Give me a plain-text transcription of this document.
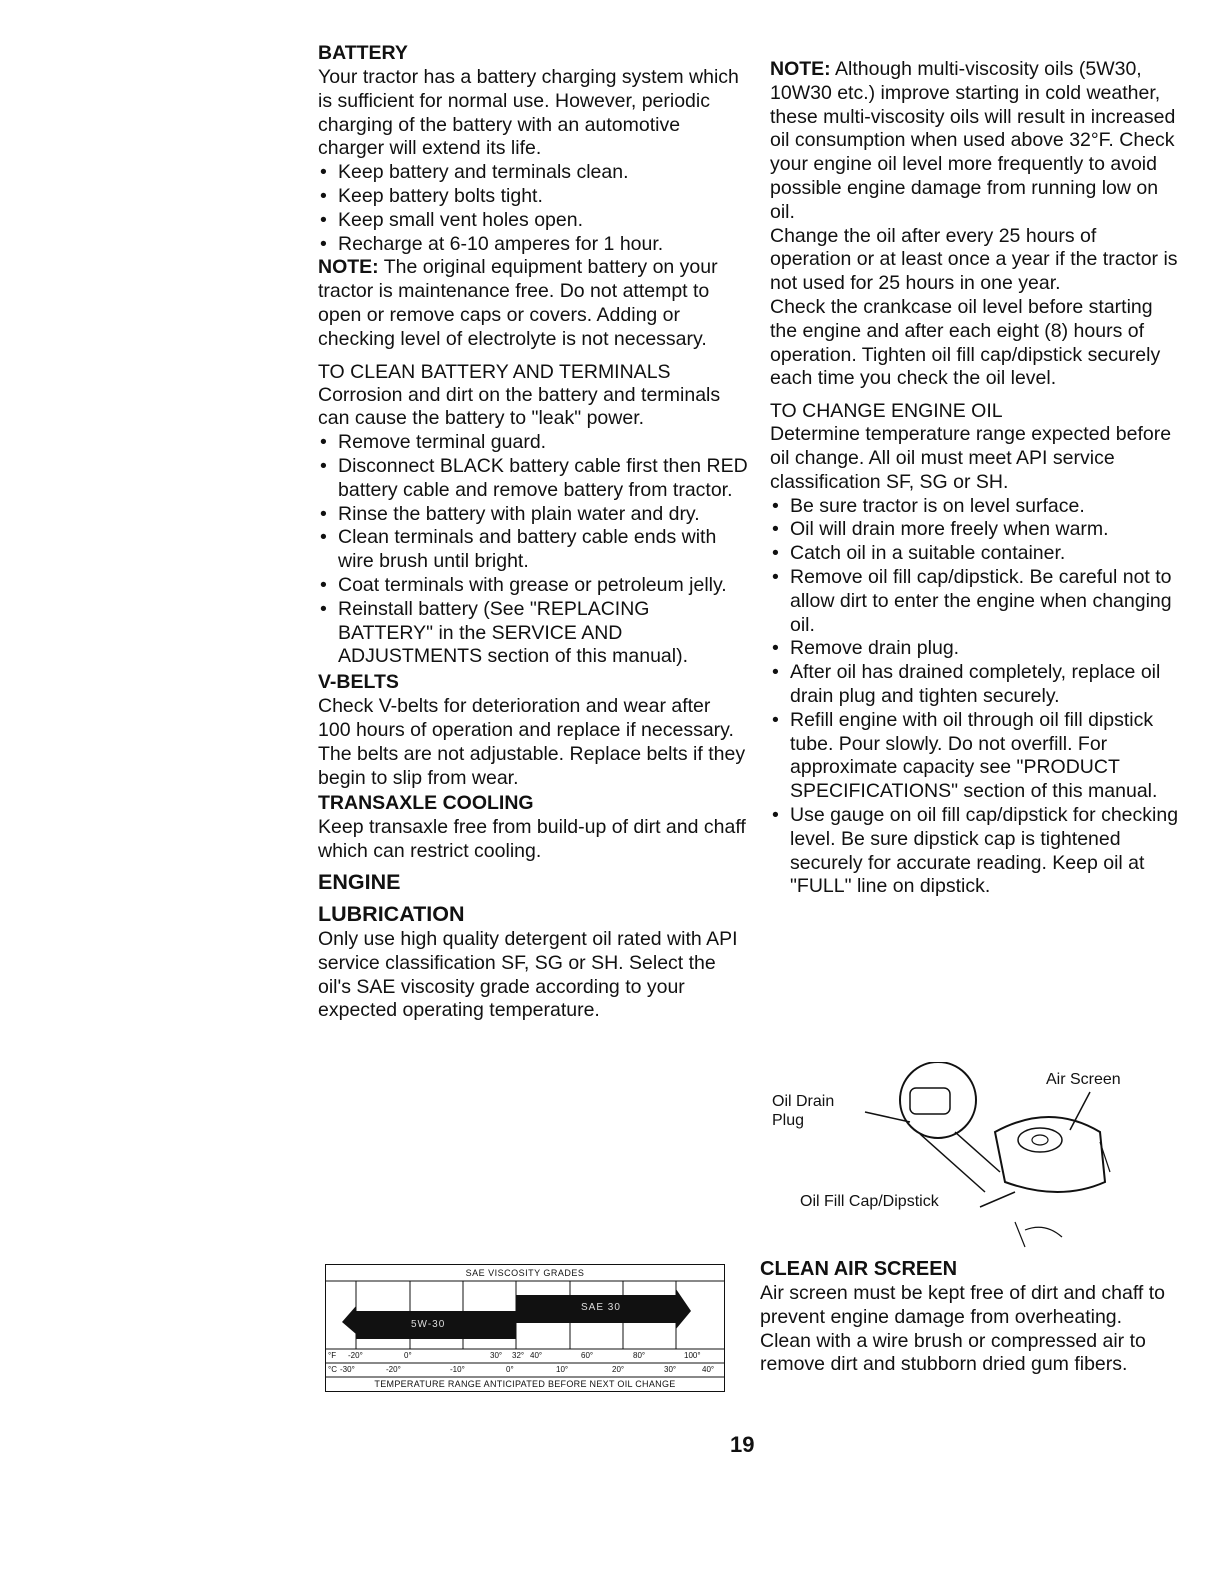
BATTERY

Your tractor has a battery charging system which is sufficient for normal use. However, periodic charging of the battery with an automotive charger will extend its life.

• Keep battery and terminals clean.
• Keep battery bolts tight.
• Keep small vent holes open.
• Recharge at 6-10 amperes for 1 hour.

NOTE: The original equipment battery on your tractor is maintenance free. Do not attempt to open or remove caps or covers. Adding or checking level of electrolyte is not necessary.

TO CLEAN BATTERY AND TERMINALS

Corrosion and dirt on the battery and terminals can cause the battery to "leak" power.

• Remove terminal guard.
• Disconnect BLACK battery cable first then RED battery cable and remove battery from tractor.
• Rinse the battery with plain water and dry.
• Clean terminals and battery cable ends with wire brush until bright.
• Coat terminals with grease or petroleum jelly.
• Reinstall battery (See "REPLACING BATTERY" in the SERVICE AND ADJUSTMENTS section of this manual).
V-BELTS

Check V-belts for deterioration and wear after 100 hours of operation and replace if necessary. The belts are not adjustable. Replace belts if they begin to slip from wear.

TRANSAXLE COOLING

Keep transaxle free from build-up of dirt and chaff which can restrict cooling.

ENGINE
LUBRICATION

Only use high quality detergent oil rated with API service classification SF, SG or SH. Select the oil's SAE viscosity grade according to your expected operating temperature.

SAE VISCOSITY GRADES
5W-30
SAE 30
°F -20°	0°	30° 32° 40°	60°	80°	100°
°C -30°	-20°	-10°	0°	10°	20°	30°	40°
TEMPERATURE RANGE ANTICIPATED BEFORE NEXT OIL CHANGE

NOTE: Although multi-viscosity oils (5W30, 10W30 etc.) improve starting in cold weather, these multi-viscosity oils will result in increased oil consumption when used above 32°F. Check your engine oil level more frequently to avoid possible engine damage from running low on oil.

Change the oil after every 25 hours of operation or at least once a year if the tractor is not used for 25 hours in one year.

Check the crankcase oil level before starting the engine and after each eight (8) hours of operation. Tighten oil fill cap/dipstick securely each time you check the oil level.

TO CHANGE ENGINE OIL

Determine temperature range expected before oil change. All oil must meet API service classification SF, SG or SH.

• Be sure tractor is on level surface.
• Oil will drain more freely when warm.
• Catch oil in a suitable container.
• Remove oil fill cap/dipstick. Be careful not to allow dirt to enter the engine when changing oil.
• Remove drain plug.
• After oil has drained completely, replace oil drain plug and tighten securely.
• Refill engine with oil through oil fill dipstick tube. Pour slowly. Do not overfill. For approximate capacity see "PRODUCT SPECIFICATIONS" section of this manual.
• Use gauge on oil fill cap/dipstick for checking level. Be sure dipstick cap is tightened securely for accurate reading. Keep oil at "FULL" line on dipstick.
Air Screen
Oil Drain
Plug
Oil Fill Cap/Dipstick
CLEAN AIR SCREEN

Air screen must be kept free of dirt and chaff to prevent engine damage from overheating. Clean with a wire brush or compressed air to remove dirt and stubborn dried gum fibers.

19
